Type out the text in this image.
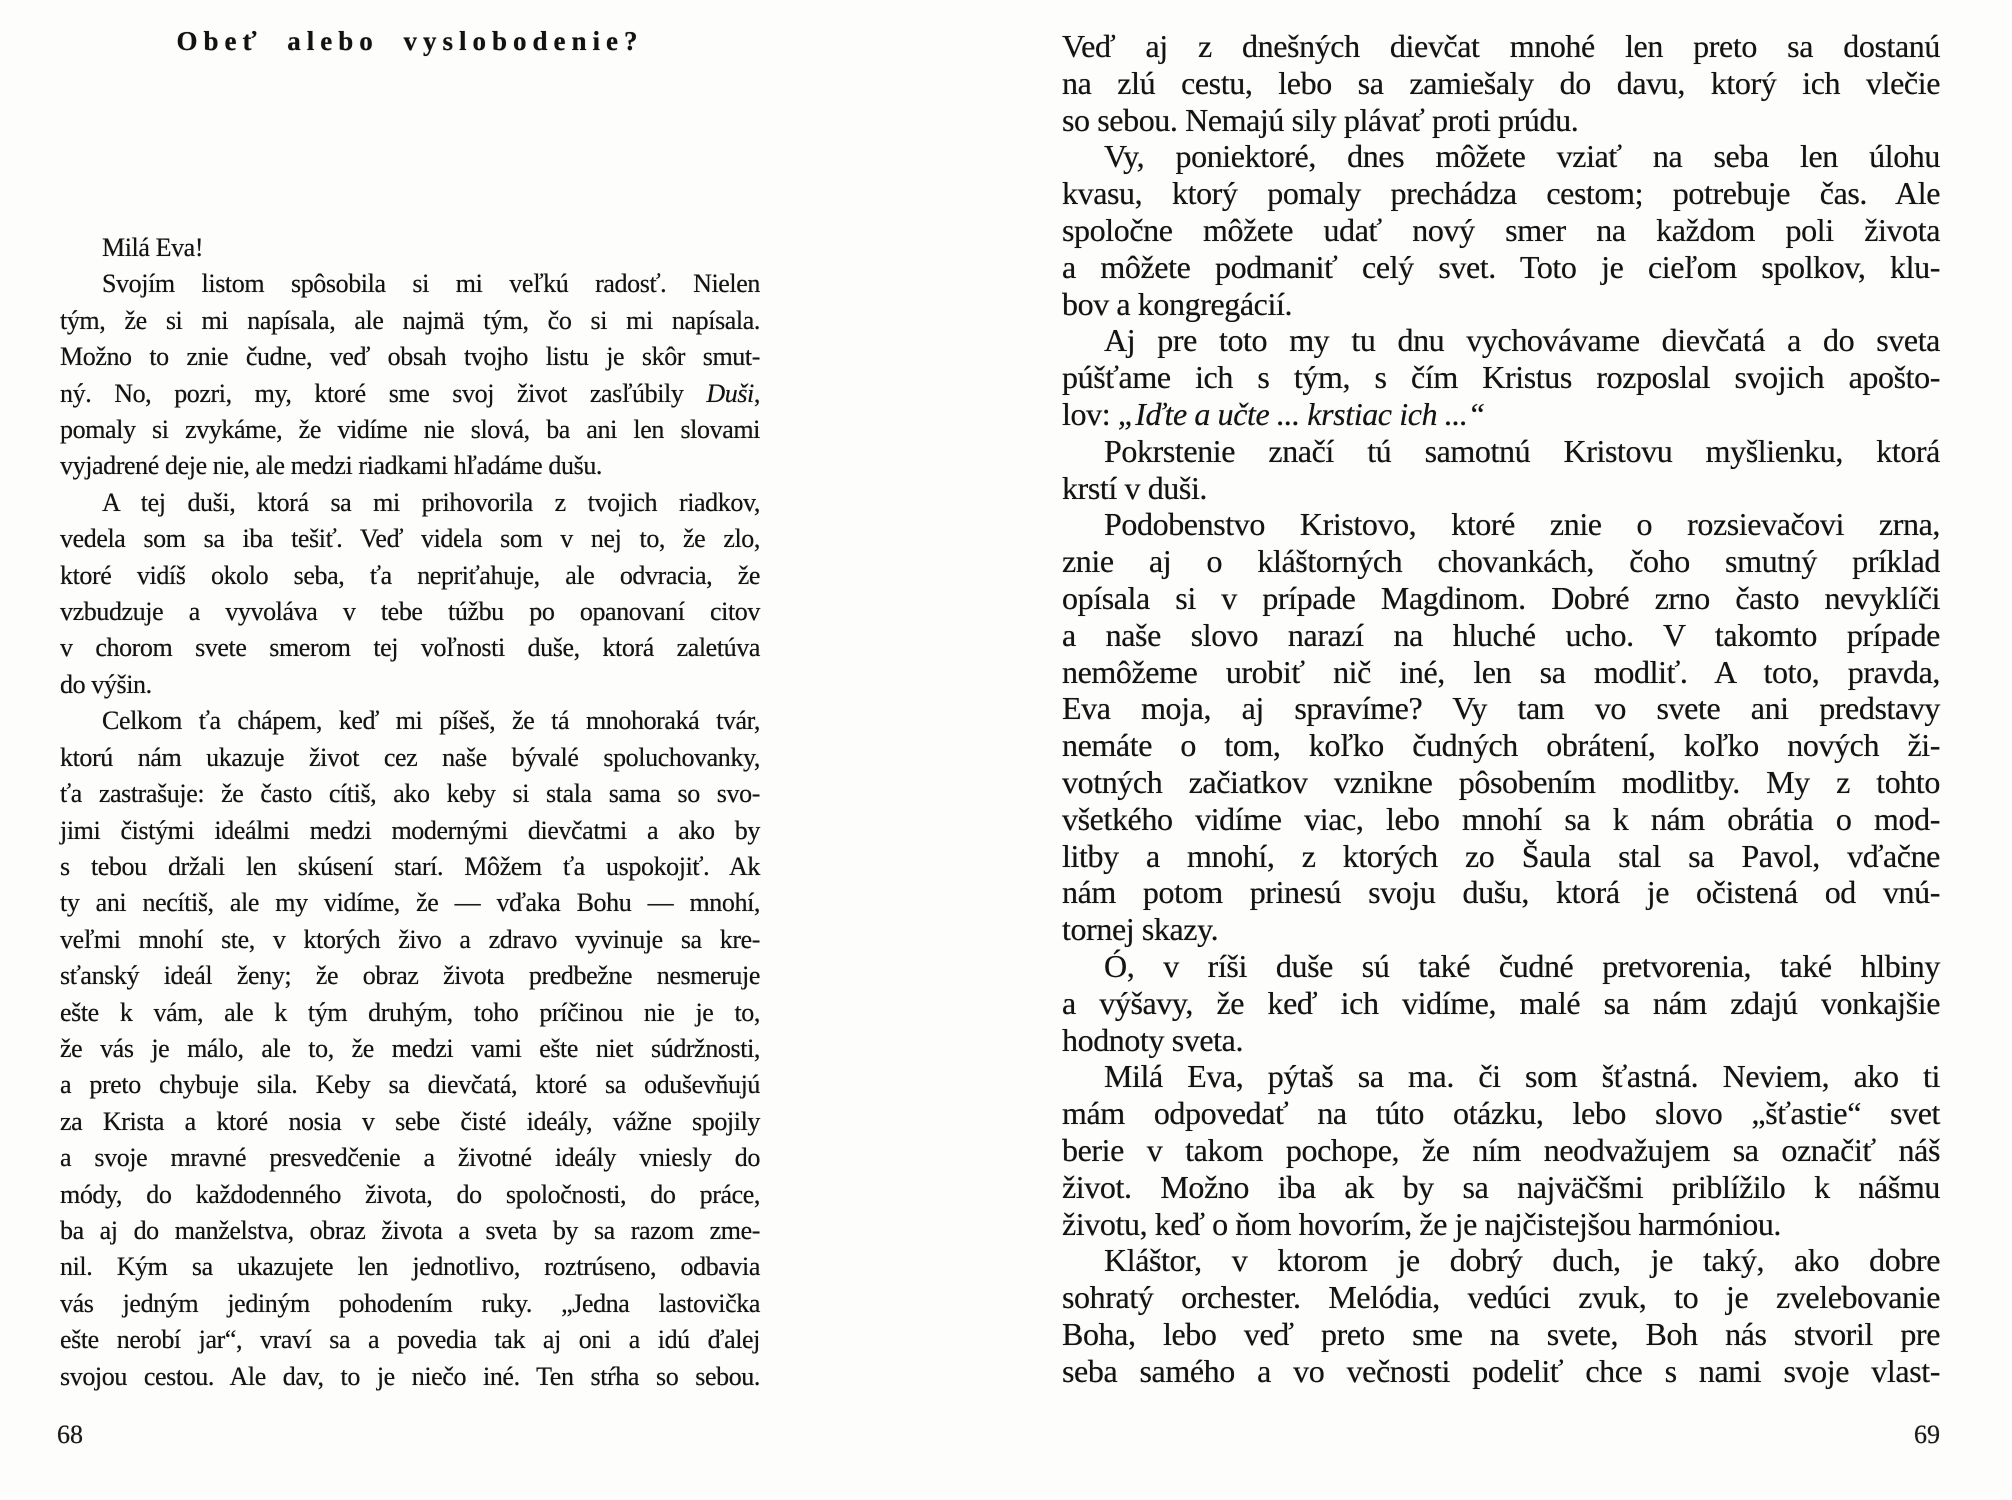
Obeť alebo vyslobodenie?
Milá Eva!
Svojím listom spôsobila si mi veľkú radosť. Nielen
tým, že si mi napísala, ale najmä tým, čo si mi napísala.
Možno to znie čudne, veď obsah tvojho listu je skôr smut-
ný. No, pozri, my, ktoré sme svoj život zasľúbily Duši,
pomaly si zvykáme, že vidíme nie slová, ba ani len slovami
vyjadrené deje nie, ale medzi riadkami hľadáme dušu.
A tej duši, ktorá sa mi prihovorila z tvojich riadkov,
vedela som sa iba tešiť. Veď videla som v nej to, že zlo,
ktoré vidíš okolo seba, ťa nepriťahuje, ale odvracia, že
vzbudzuje a vyvoláva v tebe túžbu po opanovaní citov
v chorom svete smerom tej voľnosti duše, ktorá zaletúva
do výšin.
Celkom ťa chápem, keď mi píšeš, že tá mnohoraká tvár,
ktorú nám ukazuje život cez naše bývalé spoluchovanky,
ťa zastrašuje: že často cítiš, ako keby si stala sama so svo-
jimi čistými ideálmi medzi modernými dievčatmi a ako by
s tebou držali len skúsení starí. Môžem ťa uspokojiť. Ak
ty ani necítiš, ale my vidíme, že — vďaka Bohu — mnohí,
veľmi mnohí ste, v ktorých živo a zdravo vyvinuje sa kre-
sťanský ideál ženy; že obraz života predbežne nesmeruje
ešte k vám, ale k tým druhým, toho príčinou nie je to,
že vás je málo, ale to, že medzi vami ešte niet súdržnosti,
a preto chybuje sila. Keby sa dievčatá, ktoré sa oduševňujú
za Krista a ktoré nosia v sebe čisté ideály, vážne spojily
a svoje mravné presvedčenie a životné ideály vniesly do
módy, do každodenného života, do spoločnosti, do práce,
ba aj do manželstva, obraz života a sveta by sa razom zme-
nil. Kým sa ukazujete len jednotlivo, roztrúseno, odbavia
vás jedným jediným pohodením ruky. „Jedna lastovička
ešte nerobí jar“, vraví sa a povedia tak aj oni a idú ďalej
svojou cestou. Ale dav, to je niečo iné. Ten stŕha so sebou.
Veď aj z dnešných dievčat mnohé len preto sa dostanú
na zlú cestu, lebo sa zamiešaly do davu, ktorý ich vlečie
so sebou. Nemajú sily plávať proti prúdu.
Vy, poniektoré, dnes môžete vziať na seba len úlohu
kvasu, ktorý pomaly prechádza cestom; potrebuje čas. Ale
spoločne môžete udať nový smer na každom poli života
a môžete podmaniť celý svet. Toto je cieľom spolkov, klu-
bov a kongregácií.
Aj pre toto my tu dnu vychovávame dievčatá a do sveta
púšťame ich s tým, s čím Kristus rozposlal svojich apošto-
lov: „Iďte a učte ... krstiac ich ...“
Pokrstenie značí tú samotnú Kristovu myšlienku, ktorá
krstí v duši.
Podobenstvo Kristovo, ktoré znie o rozsievačovi zrna,
znie aj o kláštorných chovankách, čoho smutný príklad
opísala si v prípade Magdinom. Dobré zrno často nevyklíči
a naše slovo narazí na hluché ucho. V takomto prípade
nemôžeme urobiť nič iné, len sa modliť. A toto, pravda,
Eva moja, aj spravíme? Vy tam vo svete ani predstavy
nemáte o tom, koľko čudných obrátení, koľko nových ži-
votných začiatkov vznikne pôsobením modlitby. My z tohto
všetkého vidíme viac, lebo mnohí sa k nám obrátia o mod-
litby a mnohí, z ktorých zo Šaula stal sa Pavol, vďačne
nám potom prinesú svoju dušu, ktorá je očistená od vnú-
tornej skazy.
Ó, v ríši duše sú také čudné pretvorenia, také hlbiny
a výšavy, že keď ich vidíme, malé sa nám zdajú vonkajšie
hodnoty sveta.
Milá Eva, pýtaš sa ma. či som šťastná. Neviem, ako ti
mám odpovedať na túto otázku, lebo slovo „šťastie“ svet
berie v takom pochope, že ním neodvažujem sa označiť náš
život. Možno iba ak by sa najväčšmi priblížilo k nášmu
životu, keď o ňom hovorím, že je najčistejšou harmóniou.
Kláštor, v ktorom je dobrý duch, je taký, ako dobre
sohratý orchester. Melódia, vedúci zvuk, to je zvelebovanie
Boha, lebo veď preto sme na svete, Boh nás stvoril pre
seba samého a vo večnosti podeliť chce s nami svoje vlast-
68	69
